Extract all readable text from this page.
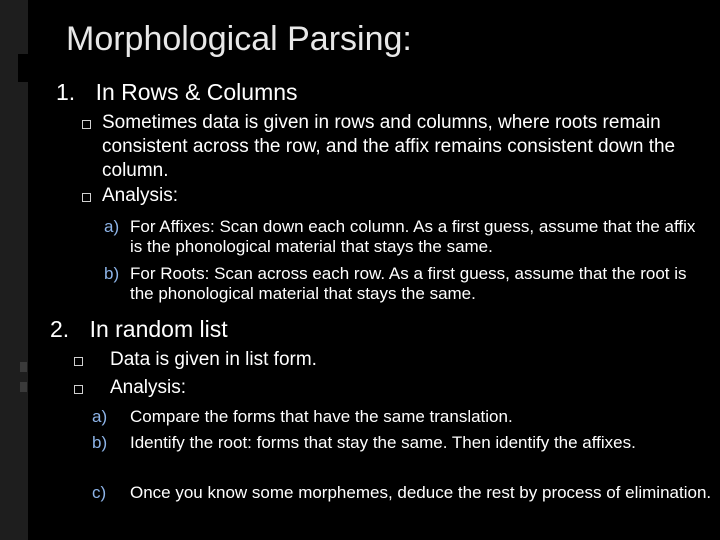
Morphological Parsing:
1. In Rows & Columns
Sometimes data is given in rows and columns, where roots remain consistent across the row, and the affix remains consistent down the column.
Analysis:
a) For Affixes: Scan down each column. As a first guess, assume that the affix is the phonological material that stays the same.
b) For Roots: Scan across each row. As a first guess, assume that the root is the phonological material that stays the same.
2. In random list
Data is given in list form.
Analysis:
a) Compare the forms that have the same translation.
b) Identify the root: forms that stay the same. Then identify the affixes.
c) Once you know some morphemes, deduce the rest by process of elimination.
